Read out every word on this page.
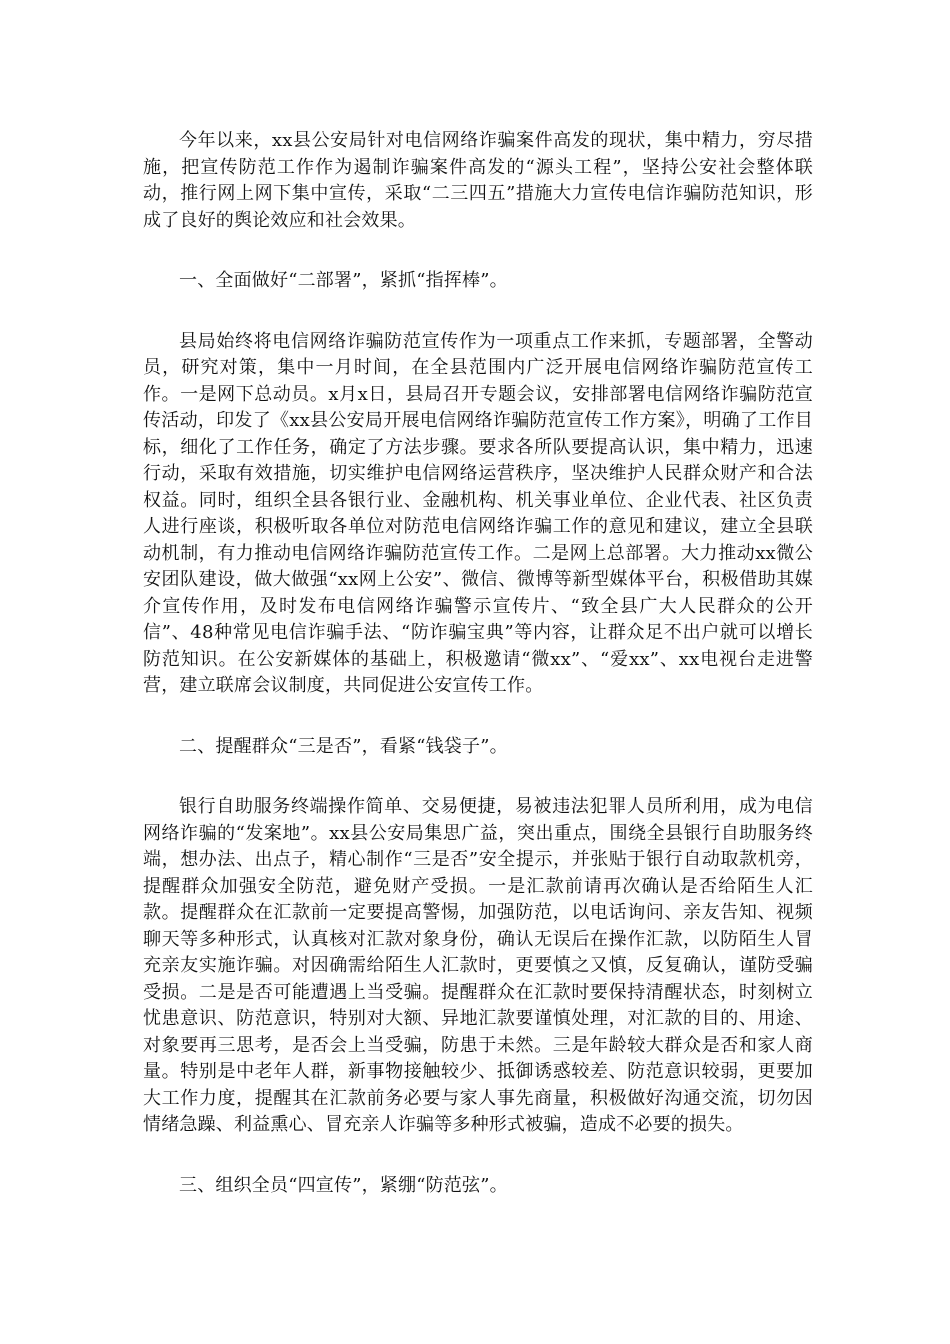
今年以来，xx县公安局针对电信网络诈骗案件高发的现状，集中精力，穷尽措施，把宣传防范工作作为遏制诈骗案件高发的“源头工程”，坚持公安社会整体联动，推行网上网下集中宣传，采取“二三四五”措施大力宣传电信诈骗防范知识，形成了良好的舆论效应和社会效果。

一、全面做好“二部署”，紧抓“指挥棒”。

县局始终将电信网络诈骗防范宣传作为一项重点工作来抓，专题部署，全警动员，研究对策，集中一月时间，在全县范围内广泛开展电信网络诈骗防范宣传工作。一是网下总动员。x月x日，县局召开专题会议，安排部署电信网络诈骗防范宣传活动，印发了《xx县公安局开展电信网络诈骗防范宣传工作方案》，明确了工作目标，细化了工作任务，确定了方法步骤。要求各所队要提高认识，集中精力，迅速行动，采取有效措施，切实维护电信网络运营秩序，坚决维护人民群众财产和合法权益。同时，组织全县各银行业、金融机构、机关事业单位、企业代表、社区负责人进行座谈，积极听取各单位对防范电信网络诈骗工作的意见和建议，建立全县联动机制，有力推动电信网络诈骗防范宣传工作。二是网上总部署。大力推动xx微公安团队建设，做大做强“xx网上公安”、微信、微博等新型媒体平台，积极借助其媒介宣传作用，及时发布电信网络诈骗警示宣传片、“致全县广大人民群众的公开信”、48种常见电信诈骗手法、“防诈骗宝典”等内容，让群众足不出户就可以增长防范知识。在公安新媒体的基础上，积极邀请“微xx”、“爱xx”、xx电视台走进警营，建立联席会议制度，共同促进公安宣传工作。

二、提醒群众“三是否”，看紧“钱袋子”。

银行自助服务终端操作简单、交易便捷，易被违法犯罪人员所利用，成为电信网络诈骗的“发案地”。xx县公安局集思广益，突出重点，围绕全县银行自助服务终端，想办法、出点子，精心制作“三是否”安全提示，并张贴于银行自动取款机旁，提醒群众加强安全防范，避免财产受损。一是汇款前请再次确认是否给陌生人汇款。提醒群众在汇款前一定要提高警惕，加强防范，以电话询问、亲友告知、视频聊天等多种形式，认真核对汇款对象身份，确认无误后在操作汇款，以防陌生人冒充亲友实施诈骗。对因确需给陌生人汇款时，更要慎之又慎，反复确认，谨防受骗受损。二是是否可能遭遇上当受骗。提醒群众在汇款时要保持清醒状态，时刻树立忧患意识、防范意识，特别对大额、异地汇款要谨慎处理，对汇款的目的、用途、对象要再三思考，是否会上当受骗，防患于未然。三是年龄较大群众是否和家人商量。特别是中老年人群，新事物接触较少、抵御诱惑较差、防范意识较弱，更要加大工作力度，提醒其在汇款前务必要与家人事先商量，积极做好沟通交流，切勿因情绪急躁、利益熏心、冒充亲人诈骗等多种形式被骗，造成不必要的损失。

三、组织全员“四宣传”，紧绷“防范弦”。
